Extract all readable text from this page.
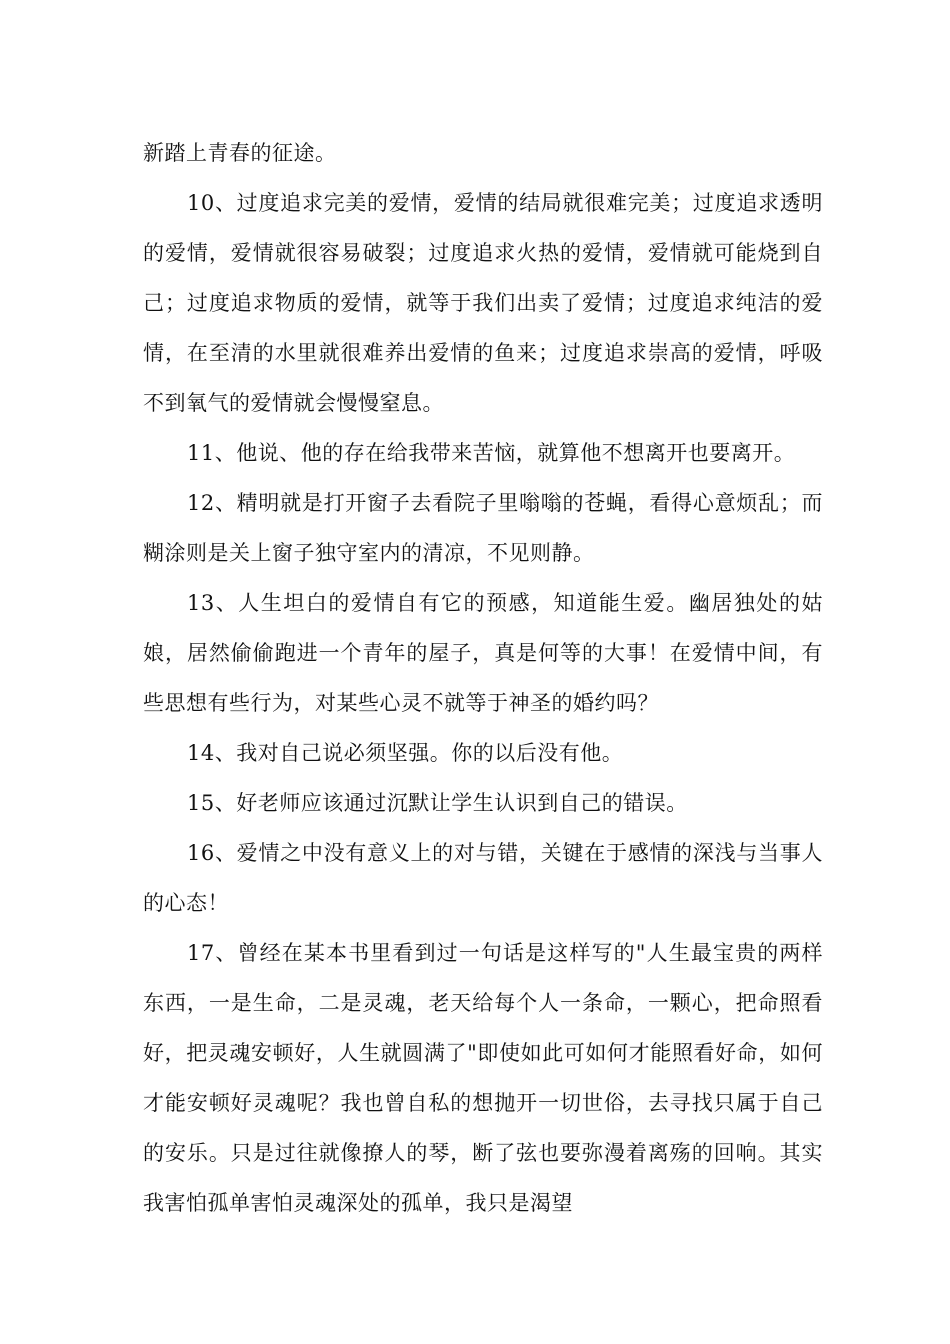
新踏上青春的征途。

10、过度追求完美的爱情，爱情的结局就很难完美；过度追求透明的爱情，爱情就很容易破裂；过度追求火热的爱情，爱情就可能烧到自己；过度追求物质的爱情，就等于我们出卖了爱情；过度追求纯洁的爱情，在至清的水里就很难养出爱情的鱼来；过度追求崇高的爱情，呼吸不到氧气的爱情就会慢慢窒息。

11、他说、他的存在给我带来苦恼，就算他不想离开也要离开。

12、精明就是打开窗子去看院子里嗡嗡的苍蝇，看得心意烦乱；而糊涂则是关上窗子独守室内的清凉，不见则静。

13、人生坦白的爱情自有它的预感，知道能生爱。幽居独处的姑娘，居然偷偷跑进一个青年的屋子，真是何等的大事！在爱情中间，有些思想有些行为，对某些心灵不就等于神圣的婚约吗？

14、我对自己说必须坚强。你的以后没有他。

15、好老师应该通过沉默让学生认识到自己的错误。

16、爱情之中没有意义上的对与错，关键在于感情的深浅与当事人的心态！

17、曾经在某本书里看到过一句话是这样写的"人生最宝贵的两样东西，一是生命，二是灵魂，老天给每个人一条命，一颗心，把命照看好，把灵魂安顿好，人生就圆满了"即使如此可如何才能照看好命，如何才能安顿好灵魂呢？我也曾自私的想抛开一切世俗，去寻找只属于自己的安乐。只是过往就像撩人的琴，断了弦也要弥漫着离殇的回响。其实我害怕孤单害怕灵魂深处的孤单，我只是渴望
